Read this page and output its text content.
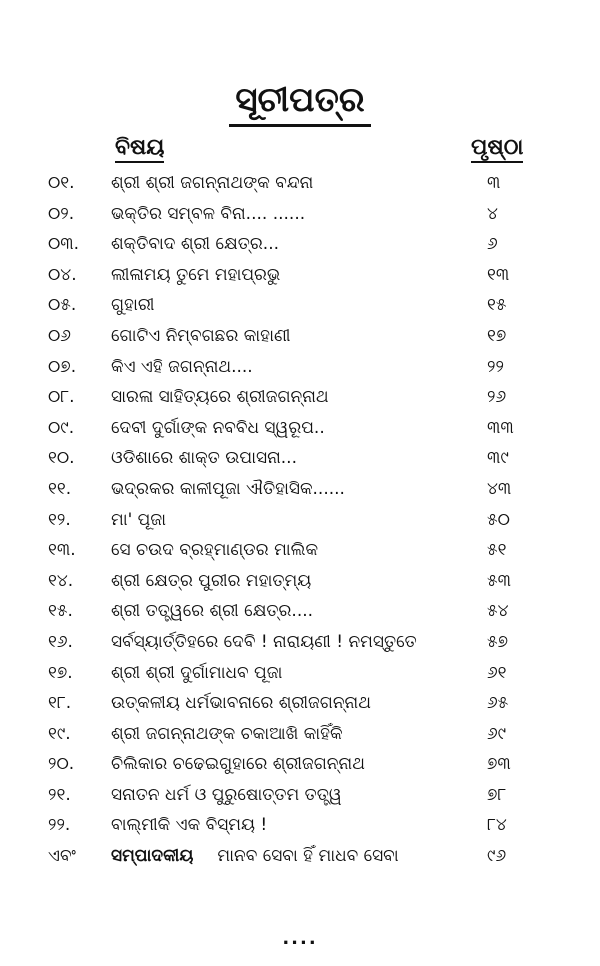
ସୂଚୀପତ୍ର
ବିଷୟ	ପୃଷ୍ଠା
୦୧. ଶ୍ରୀ ଶ୍ରୀ ଜଗନ୍ନାଥଙ୍କ ବନ୍ଦନା	୩
୦୨. ଭକ୍ତିର ସମ୍ବଳ ବିନା.... ......	୪
୦୩. ଶକ୍ତିବାଦ ଶ୍ରୀ କ୍ଷେତ୍ର...	୬
୦୪. ଲୀଳାମୟ ତୁମେ ମହାପ୍ରଭୁ	୧୩
୦୫. ଗୁହାରୀ	୧୫
୦୬ ଗୋଟିଏ ନିମ୍ବଗଛର କାହାଣୀ	୧୭
୦୭. କିଏ ଏହି ଜଗନ୍ନାଥ....	୨୨
୦୮. ସାରଳା ସାହିତ୍ୟରେ ଶ୍ରୀଜଗନ୍ନାଥ	୨୬
୦୯. ଦେବୀ ଦୁର୍ଗାଙ୍କ ନବବିଧ ସ୍ୱରୂପ..	୩୩
୧୦. ଓଡିଶାରେ ଶାକ୍ତ ଉପାସନା...	୩୯
୧୧. ଭଦ୍ରକର କାଳୀପୂଜା ଐତିହାସିକ......	୪୩
୧୨. ମା' ପୂଜା	୫୦
୧୩. ସେ ଚଉଦ ବ୍ରହ୍ମାଣ୍ଡର ମାଲିକ	୫୧
୧୪. ଶ୍ରୀ କ୍ଷେତ୍ର ପୁରୀର ମହାତ୍ମ୍ୟ	୫୩
୧୫. ଶ୍ରୀ ତତ୍ତ୍ୱରେ ଶ୍ରୀ କ୍ଷେତ୍ର....	୫୪
୧୬. ସର୍ବସ୍ୟାର୍ତ୍ତିହରେ ଦେବି ! ନାରାୟଣୀ ! ନମସ୍ତୁତେ	୫୭
୧୭. ଶ୍ରୀ ଶ୍ରୀ ଦୁର୍ଗାମାଧବ ପୂଜା	୬୧
୧୮. ଉତ୍କଳୀୟ ଧର୍ମଭାବନାରେ ଶ୍ରୀଜଗନ୍ନାଥ	୬୫
୧୯. ଶ୍ରୀ ଜଗନ୍ନାଥଙ୍କ ଚକାଆଖି କାହିଁକି	୬୯
୨୦. ଚିଲିକାର ଚଢେଇଗୁହାରେ ଶ୍ରୀଜଗନ୍ନାଥ	୭୩
୨୧. ସନାତନ ଧର୍ମ ଓ ପୁରୁଷୋତ୍ତମ ତତ୍ତ୍ୱ	୭୮
୨୨. ବାଲ୍ମୀକି ଏକ ବିସ୍ମୟ !	୮୪
ଏବଂ ସମ୍ପାଦକୀୟ ମାନବ ସେବା ହିଁ ମାଧବ ସେବା	୯୬
....
